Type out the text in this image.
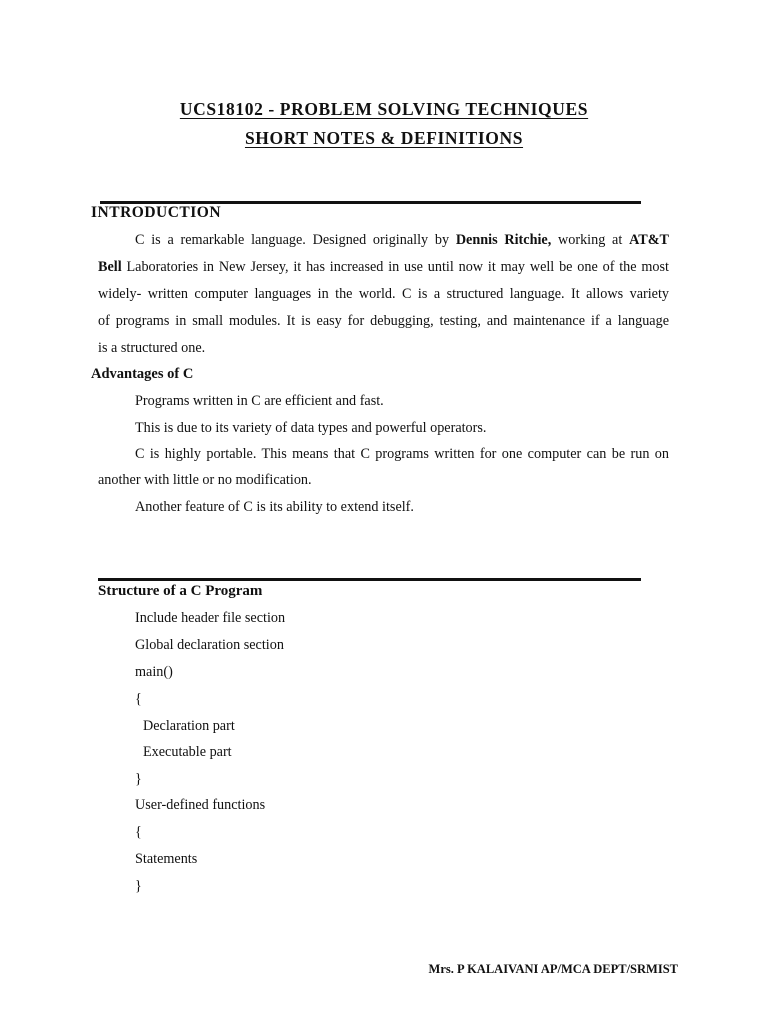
UCS18102 - PROBLEM SOLVING TECHNIQUES
SHORT NOTES & DEFINITIONS
INTRODUCTION
C is a remarkable language. Designed originally by Dennis Ritchie, working at AT&T
Bell Laboratories in New Jersey, it has increased in use until now it may well be one of the most
widely- written computer languages in the world. C is a structured language. It allows variety
of programs in small modules. It is easy for debugging, testing, and maintenance if a language
is a structured one.
Advantages of C
Programs written in C are efficient and fast.
This is due to its variety of data types and powerful operators.
C is highly portable. This means that C programs written for one computer can be run on
another with little or no modification.
Another feature of C is its ability to extend itself.
Structure of a C Program
Include header file section
Global declaration section
main()
{
Declaration part
Executable part
}
User-defined functions
{
Statements
}
Mrs. P KALAIVANI AP/MCA DEPT/SRMIST
